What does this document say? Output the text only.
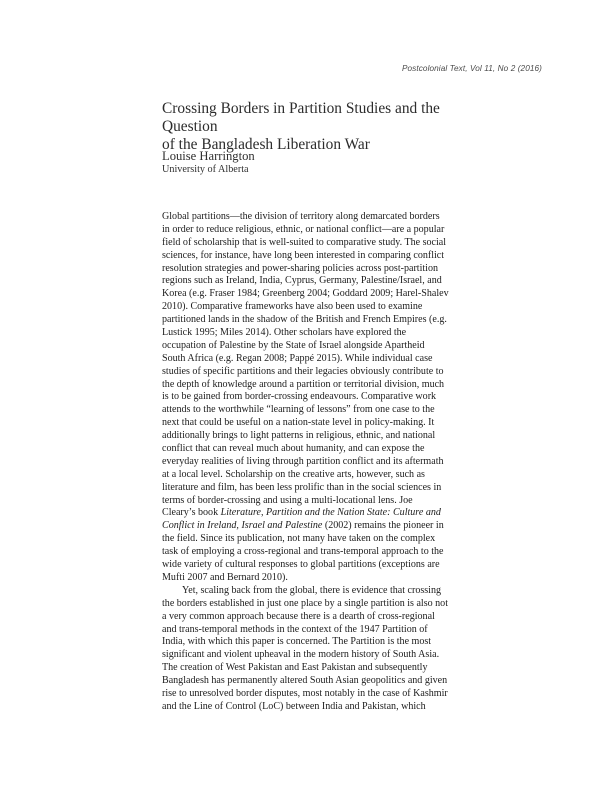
Postcolonial Text, Vol 11, No 2 (2016)
Crossing Borders in Partition Studies and the Question
of the Bangladesh Liberation War

Louise Harrington

University of Alberta

Global partitions—the division of territory along demarcated borders
in order to reduce religious, ethnic, or national conflict—are a popular
field of scholarship that is well-suited to comparative study. The social
sciences, for instance, have long been interested in comparing conflict
resolution strategies and power-sharing policies across post-partition
regions such as Ireland, India, Cyprus, Germany, Palestine/Israel, and
Korea (e.g. Fraser 1984; Greenberg 2004; Goddard 2009; Harel-Shalev
2010). Comparative frameworks have also been used to examine
partitioned lands in the shadow of the British and French Empires (e.g.
Lustick 1995; Miles 2014). Other scholars have explored the
occupation of Palestine by the State of Israel alongside Apartheid
South Africa (e.g. Regan 2008; Pappé 2015). While individual case
studies of specific partitions and their legacies obviously contribute to
the depth of knowledge around a partition or territorial division, much
is to be gained from border-crossing endeavours. Comparative work
attends to the worthwhile “learning of lessons” from one case to the
next that could be useful on a nation-state level in policy-making. It
additionally brings to light patterns in religious, ethnic, and national
conflict that can reveal much about humanity, and can expose the
everyday realities of living through partition conflict and its aftermath
at a local level. Scholarship on the creative arts, however, such as
literature and film, has been less prolific than in the social sciences in
terms of border-crossing and using a multi-locational lens. Joe
Cleary’s book Literature, Partition and the Nation State: Culture and
Conflict in Ireland, Israel and Palestine (2002) remains the pioneer in
the field. Since its publication, not many have taken on the complex
task of employing a cross-regional and trans-temporal approach to the
wide variety of cultural responses to global partitions (exceptions are
Mufti 2007 and Bernard 2010).
Yet, scaling back from the global, there is evidence that crossing
the borders established in just one place by a single partition is also not
a very common approach because there is a dearth of cross-regional
and trans-temporal methods in the context of the 1947 Partition of
India, with which this paper is concerned. The Partition is the most
significant and violent upheaval in the modern history of South Asia.
The creation of West Pakistan and East Pakistan and subsequently
Bangladesh has permanently altered South Asian geopolitics and given
rise to unresolved border disputes, most notably in the case of Kashmir
and the Line of Control (LoC) between India and Pakistan, which
